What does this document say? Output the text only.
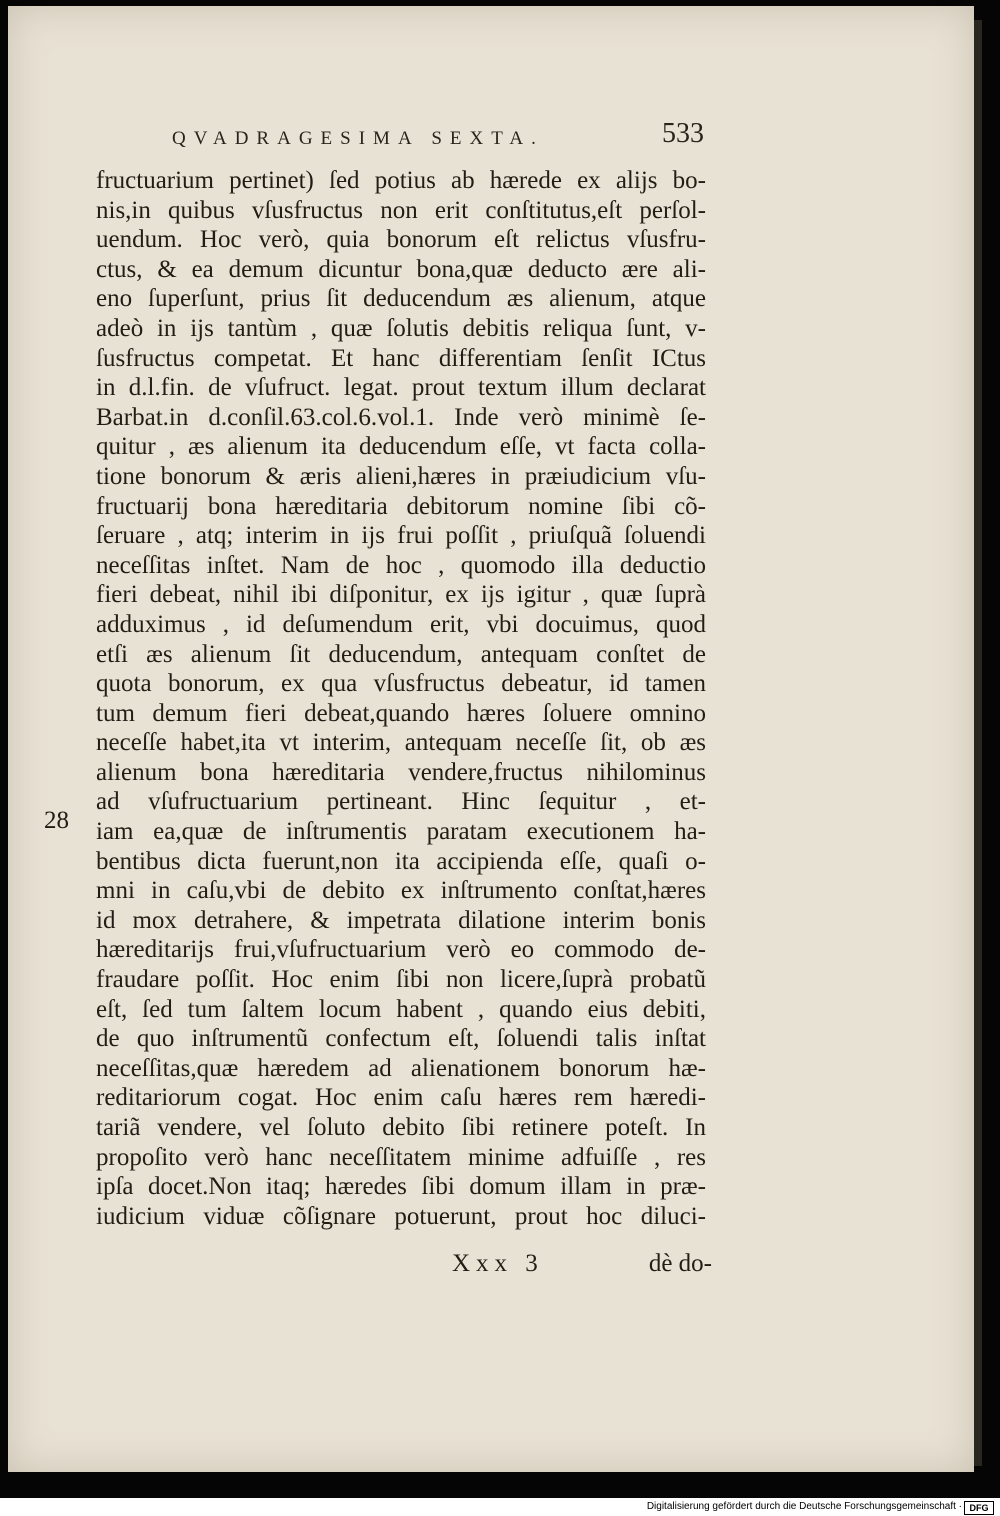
QVADRAGESIMA SEXTA.	533
fructuarium pertinet) ſed potius ab hærede ex alijs bo-
nis,in quibus vſusfructus non erit conſtitutus,eſt perſol-
uendum. Hoc verò, quia bonorum eſt relictus vſusfru-
ctus, & ea demum dicuntur bona,quæ deducto ære ali-
eno ſuperſunt, prius ſit deducendum æs alienum, atque
adeò in ijs tantùm , quæ ſolutis debitis reliqua ſunt, v-
ſusfructus competat. Et hanc differentiam ſenſit ICtus
in d.l.fin. de vſufruct. legat. prout textum illum declarat
Barbat.in d.conſil.63.col.6.vol.1. Inde verò minimè ſe-
quitur , æs alienum ita deducendum eſſe, vt facta colla-
tione bonorum & æris alieni,hæres in præiudicium vſu-
fructuarij bona hæreditaria debitorum nomine ſibi cõ-
ſeruare , atq; interim in ijs frui poſſit , priuſquã ſoluendi
neceſſitas inſtet. Nam de hoc , quomodo illa deductio
fieri debeat, nihil ibi diſponitur, ex ijs igitur , quæ ſuprà
adduximus , id deſumendum erit, vbi docuimus, quod
etſi æs alienum ſit deducendum, antequam conſtet de
quota bonorum, ex qua vſusfructus debeatur, id tamen
tum demum fieri debeat,quando hæres ſoluere omnino
neceſſe habet,ita vt interim, antequam neceſſe ſit, ob æs
alienum bona hæreditaria vendere,fructus nihilominus
ad vſufructuarium pertineant. Hinc ſequitur , et-
iam ea,quæ de inſtrumentis paratam executionem ha-
bentibus dicta fuerunt,non ita accipienda eſſe, quaſi o-
mni in caſu,vbi de debito ex inſtrumento conſtat,hæres
id mox detrahere, & impetrata dilatione interim bonis
hæreditarijs frui,vſufructuarium verò eo commodo de-
fraudare poſſit. Hoc enim ſibi non licere,ſuprà probatũ
eſt, ſed tum ſaltem locum habent , quando eius debiti,
de quo inſtrumentũ confectum eſt, ſoluendi talis inſtat
neceſſitas,quæ hæredem ad alienationem bonorum hæ-
reditariorum cogat. Hoc enim caſu hæres rem hæredi-
tariã vendere, vel ſoluto debito ſibi retinere poteſt. In
propoſito verò hanc neceſſitatem minime adfuiſſe , res
ipſa docet.Non itaq; hæredes ſibi domum illam in præ-
iudicium viduæ cõſignare potuerunt, prout hoc diluci-
28
Xxx 3	dè do-
Digitalisierung gefördert durch die Deutsche Forschungsgemeinschaft · DFG
